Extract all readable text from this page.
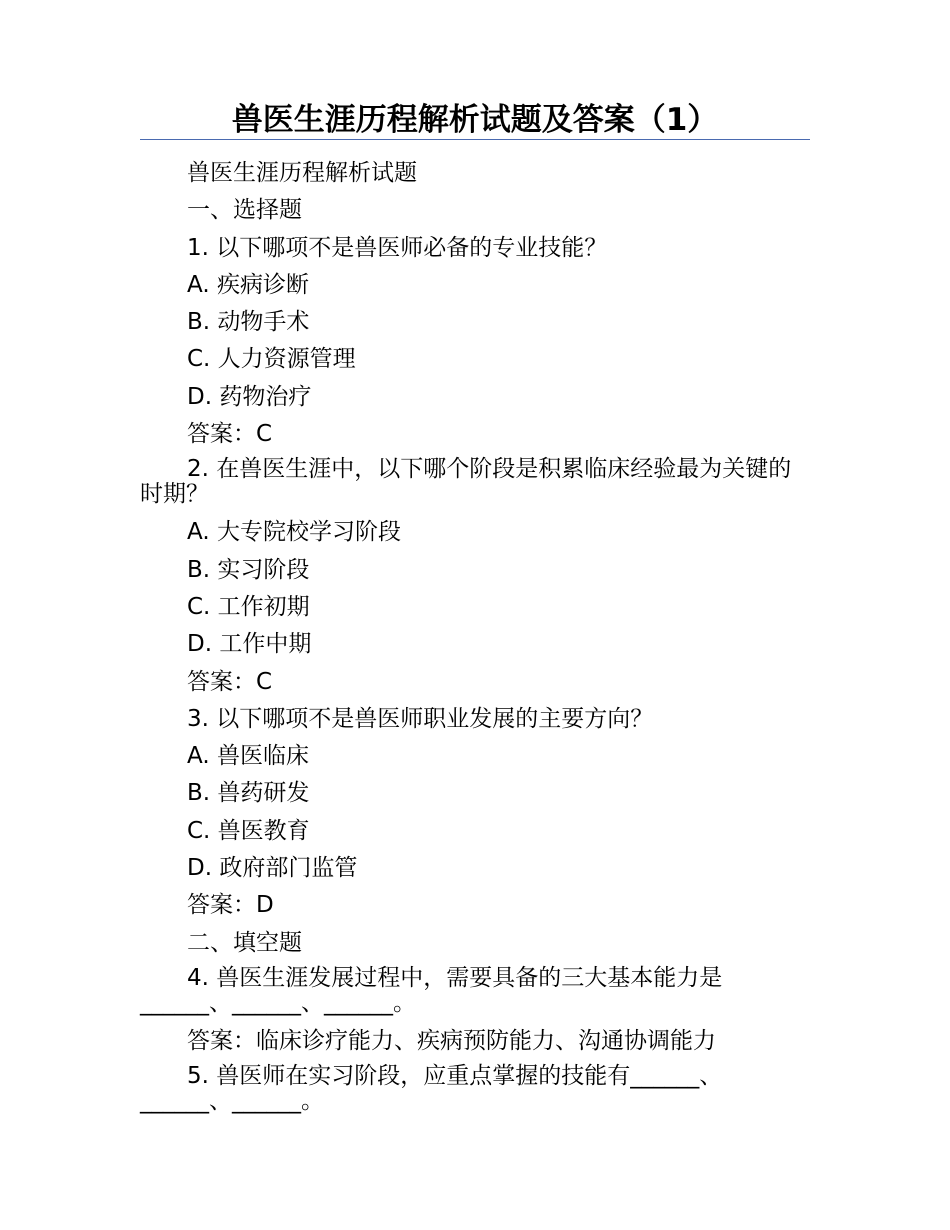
兽医生涯历程解析试题及答案（1）
兽医生涯历程解析试题
一、选择题
1. 以下哪项不是兽医师必备的专业技能？
A. 疾病诊断
B. 动物手术
C. 人力资源管理
D. 药物治疗
答案：C
2. 在兽医生涯中，以下哪个阶段是积累临床经验最为关键的时期？
A. 大专院校学习阶段
B. 实习阶段
C. 工作初期
D. 工作中期
答案：C
3. 以下哪项不是兽医师职业发展的主要方向？
A. 兽医临床
B. 兽药研发
C. 兽医教育
D. 政府部门监管
答案：D
二、填空题
4. 兽医生涯发展过程中，需要具备的三大基本能力是______、______、______。
答案：临床诊疗能力、疾病预防能力、沟通协调能力
5. 兽医师在实习阶段，应重点掌握的技能有______、______、______。
